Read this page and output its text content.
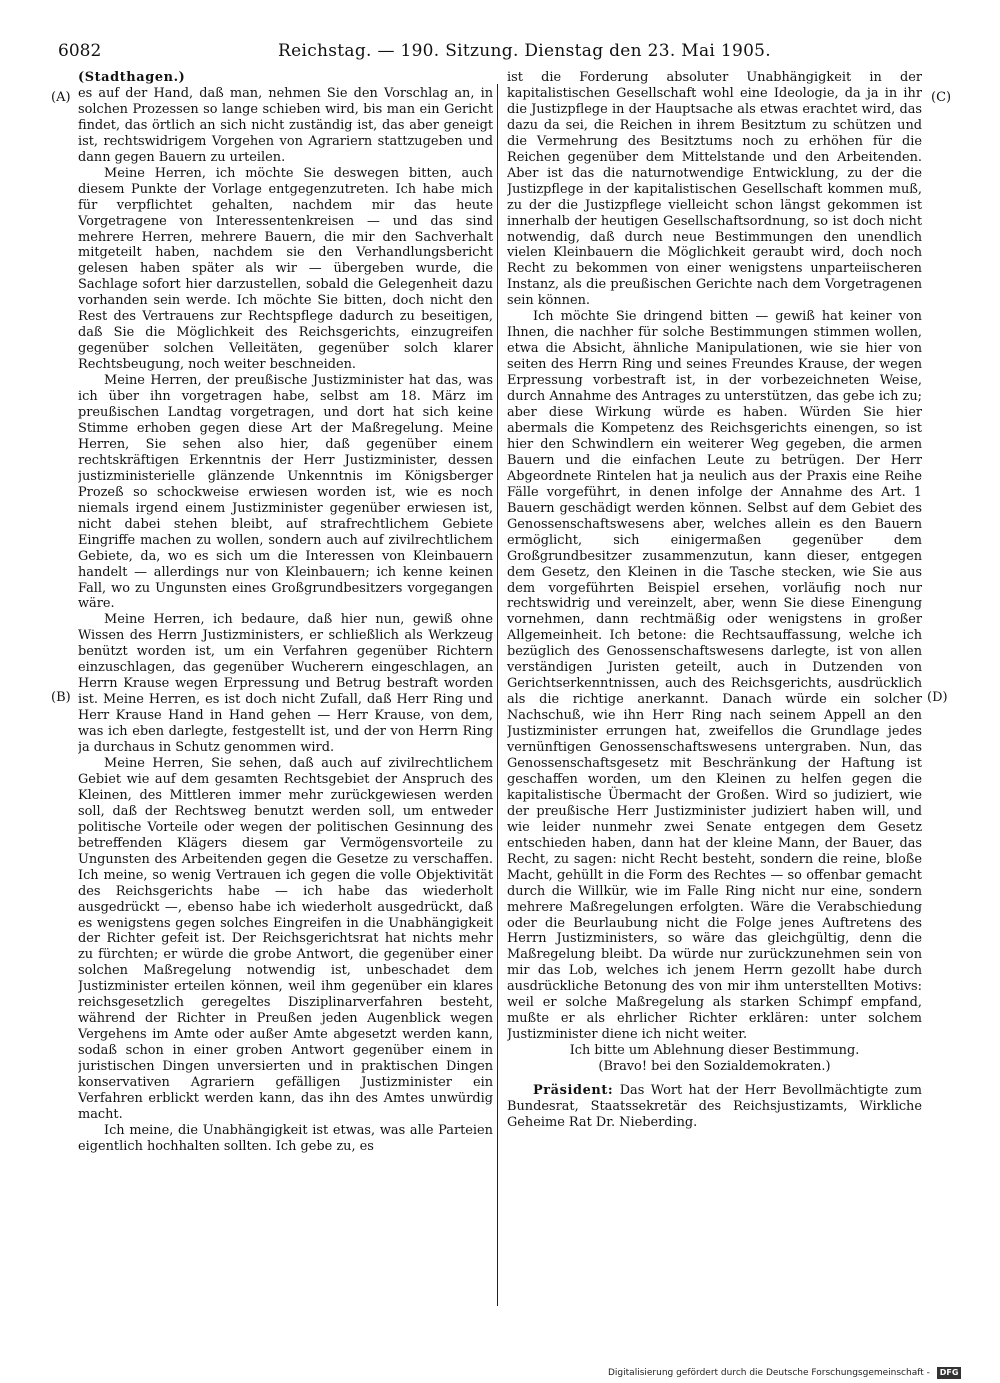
6082	Reichstag. — 190. Sitzung. Dienstag den 23. Mai 1905.
(A)
(B)
(C)
(D)

(Stadthagen.)

es auf der Hand, daß man, nehmen Sie den Vorschlag an, in solchen Prozessen so lange schieben wird, bis man ein Gericht findet, das örtlich an sich nicht zuständig ist, das aber geneigt ist, rechtswidrigem Vorgehen von Agrariern stattzugeben und dann gegen Bauern zu urteilen.

Meine Herren, ich möchte Sie deswegen bitten, auch diesem Punkte der Vorlage entgegenzutreten. Ich habe mich für verpflichtet gehalten, nachdem mir das heute Vorgetragene von Interessentenkreisen — und das sind mehrere Herren, mehrere Bauern, die mir den Sachverhalt mitgeteilt haben, nachdem sie den Verhandlungsbericht gelesen haben später als wir — übergeben wurde, die Sachlage sofort hier darzustellen, sobald die Gelegenheit dazu vorhanden sein werde. Ich möchte Sie bitten, doch nicht den Rest des Vertrauens zur Rechtspflege dadurch zu beseitigen, daß Sie die Möglichkeit des Reichsgerichts, einzugreifen gegenüber solchen Velleitäten, gegenüber solch klarer Rechtsbeugung, noch weiter beschneiden.

Meine Herren, der preußische Justizminister hat das, was ich über ihn vorgetragen habe, selbst am 18. März im preußischen Landtag vorgetragen, und dort hat sich keine Stimme erhoben gegen diese Art der Maßregelung. Meine Herren, Sie sehen also hier, daß gegenüber einem rechtskräftigen Erkenntnis der Herr Justizminister, dessen justizministerielle glänzende Unkenntnis im Königsberger Prozeß so schockweise erwiesen worden ist, wie es noch niemals irgend einem Justizminister gegenüber erwiesen ist, nicht dabei stehen bleibt, auf strafrechtlichem Gebiete Eingriffe machen zu wollen, sondern auch auf zivilrechtlichem Gebiete, da, wo es sich um die Interessen von Kleinbauern handelt — allerdings nur von Kleinbauern; ich kenne keinen Fall, wo zu Ungunsten eines Großgrundbesitzers vorgegangen wäre.

Meine Herren, ich bedaure, daß hier nun, gewiß ohne Wissen des Herrn Justizministers, er schließlich als Werkzeug benützt worden ist, um ein Verfahren gegenüber Richtern einzuschlagen, das gegenüber Wucherern eingeschlagen, an Herrn Krause wegen Erpressung und Betrug bestraft worden ist. Meine Herren, es ist doch nicht Zufall, daß Herr Ring und Herr Krause Hand in Hand gehen — Herr Krause, von dem, was ich eben darlegte, festgestellt ist, und der von Herrn Ring ja durchaus in Schutz genommen wird.

Meine Herren, Sie sehen, daß auch auf zivilrechtlichem Gebiet wie auf dem gesamten Rechtsgebiet der Anspruch des Kleinen, des Mittleren immer mehr zurückgewiesen werden soll, daß der Rechtsweg benutzt werden soll, um entweder politische Vorteile oder wegen der politischen Gesinnung des betreffenden Klägers diesem gar Vermögensvorteile zu Ungunsten des Arbeitenden gegen die Gesetze zu verschaffen. Ich meine, so wenig Vertrauen ich gegen die volle Objektivität des Reichsgerichts habe — ich habe das wiederholt ausgedrückt —, ebenso habe ich wiederholt ausgedrückt, daß es wenigstens gegen solches Eingreifen in die Unabhängigkeit der Richter gefeit ist. Der Reichsgerichtsrat hat nichts mehr zu fürchten; er würde die grobe Antwort, die gegenüber einer solchen Maßregelung notwendig ist, unbeschadet dem Justizminister erteilen können, weil ihm gegenüber ein klares reichsgesetzlich geregeltes Disziplinarverfahren besteht, während der Richter in Preußen jeden Augenblick wegen Vergehens im Amte oder außer Amte abgesetzt werden kann, sodaß schon in einer groben Antwort gegenüber einem in juristischen Dingen unversierten und in praktischen Dingen konservativen Agrariern gefälligen Justizminister ein Verfahren erblickt werden kann, das ihn des Amtes unwürdig macht.

Ich meine, die Unabhängigkeit ist etwas, was alle Parteien eigentlich hochhalten sollten. Ich gebe zu, es

ist die Forderung absoluter Unabhängigkeit in der kapitalistischen Gesellschaft wohl eine Ideologie, da ja in ihr die Justizpflege in der Hauptsache als etwas erachtet wird, das dazu da sei, die Reichen in ihrem Besitztum zu schützen und die Vermehrung des Besitztums noch zu erhöhen für die Reichen gegenüber dem Mittelstande und den Arbeitenden. Aber ist das die naturnotwendige Entwicklung, zu der die Justizpflege in der kapitalistischen Gesellschaft kommen muß, zu der die Justizpflege vielleicht schon längst gekommen ist innerhalb der heutigen Gesellschaftsordnung, so ist doch nicht notwendig, daß durch neue Bestimmungen den unendlich vielen Kleinbauern die Möglichkeit geraubt wird, doch noch Recht zu bekommen von einer wenigstens unparteiischeren Instanz, als die preußischen Gerichte nach dem Vorgetragenen sein können.

Ich möchte Sie dringend bitten — gewiß hat keiner von Ihnen, die nachher für solche Bestimmungen stimmen wollen, etwa die Absicht, ähnliche Manipulationen, wie sie hier von seiten des Herrn Ring und seines Freundes Krause, der wegen Erpressung vorbestraft ist, in der vorbezeichneten Weise, durch Annahme des Antrages zu unterstützen, das gebe ich zu; aber diese Wirkung würde es haben. Würden Sie hier abermals die Kompetenz des Reichsgerichts einengen, so ist hier den Schwindlern ein weiterer Weg gegeben, die armen Bauern und die einfachen Leute zu betrügen. Der Herr Abgeordnete Rintelen hat ja neulich aus der Praxis eine Reihe Fälle vorgeführt, in denen infolge der Annahme des Art. 1 Bauern geschädigt werden können. Selbst auf dem Gebiet des Genossenschaftswesens aber, welches allein es den Bauern ermöglicht, sich einigermaßen gegenüber dem Großgrundbesitzer zusammenzutun, kann dieser, entgegen dem Gesetz, den Kleinen in die Tasche stecken, wie Sie aus dem vorgeführten Beispiel ersehen, vorläufig noch nur rechtswidrig und vereinzelt, aber, wenn Sie diese Einengung vornehmen, dann rechtmäßig oder wenigstens in großer Allgemeinheit. Ich betone: die Rechtsauffassung, welche ich bezüglich des Genossenschaftswesens darlegte, ist von allen verständigen Juristen geteilt, auch in Dutzenden von Gerichtserkenntnissen, auch des Reichsgerichts, ausdrücklich als die richtige anerkannt. Danach würde ein solcher Nachschuß, wie ihn Herr Ring nach seinem Appell an den Justizminister errungen hat, zweifellos die Grundlage jedes vernünftigen Genossenschaftswesens untergraben. Nun, das Genossenschaftsgesetz mit Beschränkung der Haftung ist geschaffen worden, um den Kleinen zu helfen gegen die kapitalistische Übermacht der Großen. Wird so judiziert, wie der preußische Herr Justizminister judiziert haben will, und wie leider nunmehr zwei Senate entgegen dem Gesetz entschieden haben, dann hat der kleine Mann, der Bauer, das Recht, zu sagen: nicht Recht besteht, sondern die reine, bloße Macht, gehüllt in die Form des Rechtes — so offenbar gemacht durch die Willkür, wie im Falle Ring nicht nur eine, sondern mehrere Maßregelungen erfolgten. Wäre die Verabschiedung oder die Beurlaubung nicht die Folge jenes Auftretens des Herrn Justizministers, so wäre das gleichgültig, denn die Maßregelung bleibt. Da würde nur zurückzunehmen sein von mir das Lob, welches ich jenem Herrn gezollt habe durch ausdrückliche Betonung des von mir ihm unterstellten Motivs: weil er solche Maßregelung als starken Schimpf empfand, mußte er als ehrlicher Richter erklären: unter solchem Justizminister diene ich nicht weiter.

Ich bitte um Ablehnung dieser Bestimmung.

(Bravo! bei den Sozialdemokraten.)

Präsident: Das Wort hat der Herr Bevollmächtigte zum Bundesrat, Staatssekretär des Reichsjustizamts, Wirkliche Geheime Rat Dr. Nieberding.

Digitalisierung gefördert durch die Deutsche Forschungsgemeinschaft - DFG
